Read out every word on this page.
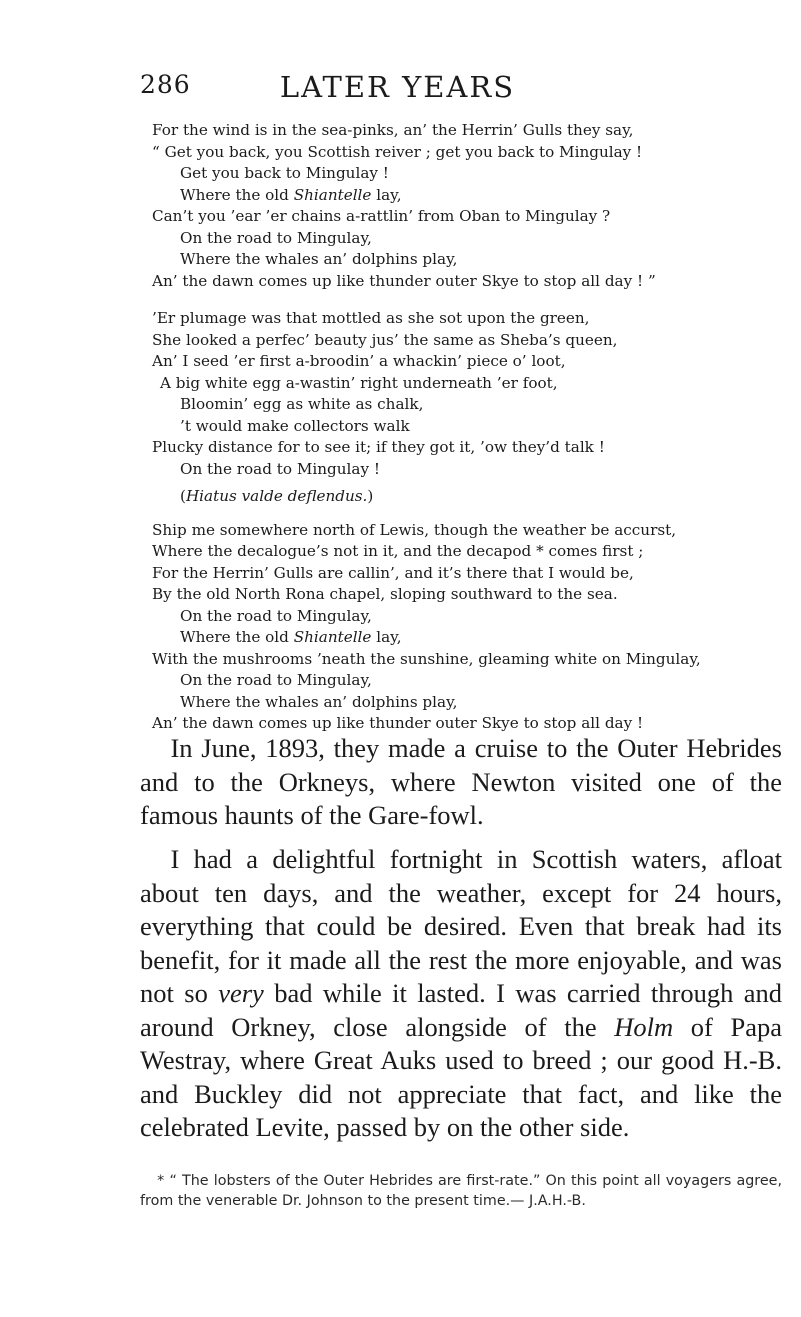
286	LATER YEARS
For the wind is in the sea-pinks, an’ the Herrin’ Gulls they say,
“ Get you back, you Scottish reiver ; get you back to Mingulay !
Get you back to Mingulay !
Where the old Shiantelle lay,
Can’t you ’ear ’er chains a-rattlin’ from Oban to Mingulay ?
On the road to Mingulay,
Where the whales an’ dolphins play,
An’ the dawn comes up like thunder outer Skye to stop all day ! ”
’Er plumage was that mottled as she sot upon the green,
She looked a perfec’ beauty jus’ the same as Sheba’s queen,
An’ I seed ’er first a-broodin’ a whackin’ piece o’ loot,
A big white egg a-wastin’ right underneath ’er foot,
Bloomin’ egg as white as chalk,
’t would make collectors walk
Plucky distance for to see it; if they got it, ’ow they’d talk !
On the road to Mingulay !
(Hiatus valde deflendus.)
Ship me somewhere north of Lewis, though the weather be accurst,
Where the decalogue’s not in it, and the decapod * comes first ;
For the Herrin’ Gulls are callin’, and it’s there that I would be,
By the old North Rona chapel, sloping southward to the sea.
On the road to Mingulay,
Where the old Shiantelle lay,
With the mushrooms ’neath the sunshine, gleaming white on Mingulay,
On the road to Mingulay,
Where the whales an’ dolphins play,
An’ the dawn comes up like thunder outer Skye to stop all day !

In June, 1893, they made a cruise to the Outer Hebrides and to the Orkneys, where Newton visited one of the famous haunts of the Gare-fowl.

I had a delightful fortnight in Scottish waters, afloat about ten days, and the weather, except for 24 hours, everything that could be desired. Even that break had its benefit, for it made all the rest the more enjoyable, and was not so very bad while it lasted. I was carried through and around Orkney, close alongside of the Holm of Papa Westray, where Great Auks used to breed ; our good H.-B. and Buckley did not appreciate that fact, and like the celebrated Levite, passed by on the other side.

* “ The lobsters of the Outer Hebrides are first-rate.” On this point all voyagers agree, from the venerable Dr. Johnson to the present time.— J.A.H.-B.
